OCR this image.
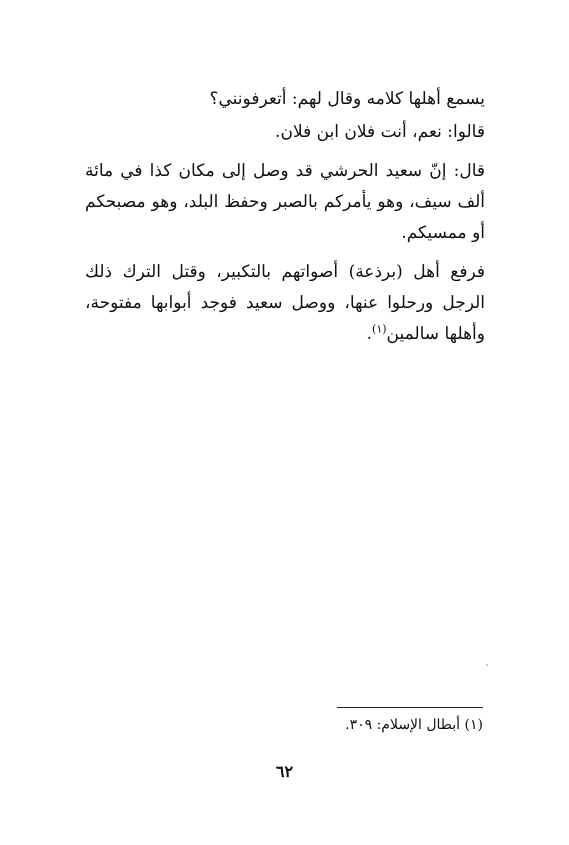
يسمع أهلها كلامه وقال لهم: أتعرفونني؟

قالوا: نعم، أنت فلان ابن فلان.

قال: إنّ سعيد الحرشي قد وصل إلى مكان كذا في مائة ألف سيف، وهو يأمركم بالصبر وحفظ البلد، وهو مصبحكم أو ممسيكم.

فرفع أهل (برذعة) أصواتهم بالتكبير، وقتل الترك ذلك الرجل ورحلوا عنها، ووصل سعيد فوجد أبوابها مفتوحة، وأهلها سالمين$^{(١)}$.

(١) أبطال الإسلام: ٣٠٩.
٦٢
